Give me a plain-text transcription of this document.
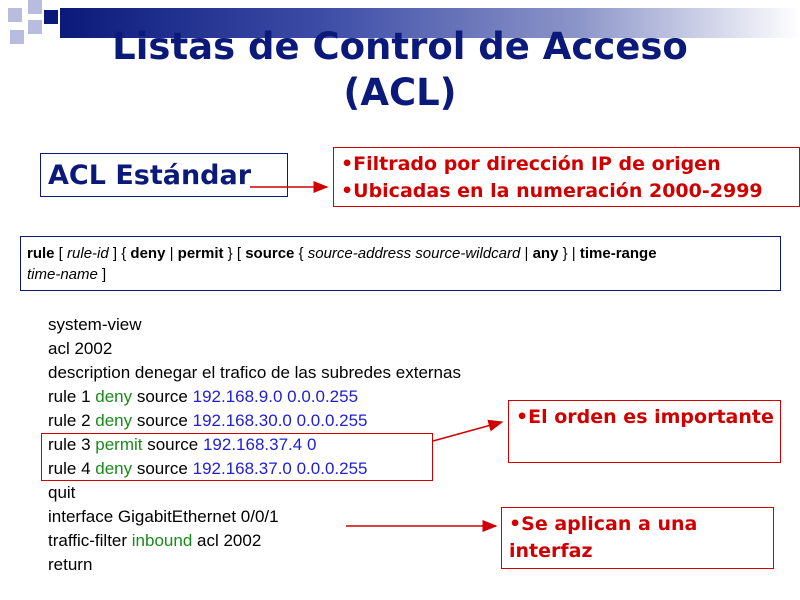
Listas de Control de Acceso
(ACL)
ACL Estándar	•Filtrado por dirección IP de origen
•Ubicadas en la numeración 2000-2999
rule [ rule-id ] { deny | permit } [ source { source-address source-wildcard | any } | time-range
time-name ]
system-view
acl 2002
description denegar el trafico de las subredes externas
rule 1 deny source 192.168.9.0 0.0.0.255
rule 2 deny source 192.168.30.0 0.0.0.255
rule 3 permit source 192.168.37.4 0
rule 4 deny source 192.168.37.0 0.0.0.255
quit
interface GigabitEthernet 0/0/1
traffic-filter inbound acl 2002
return
•El orden es importante
•Se aplican a una interfaz
